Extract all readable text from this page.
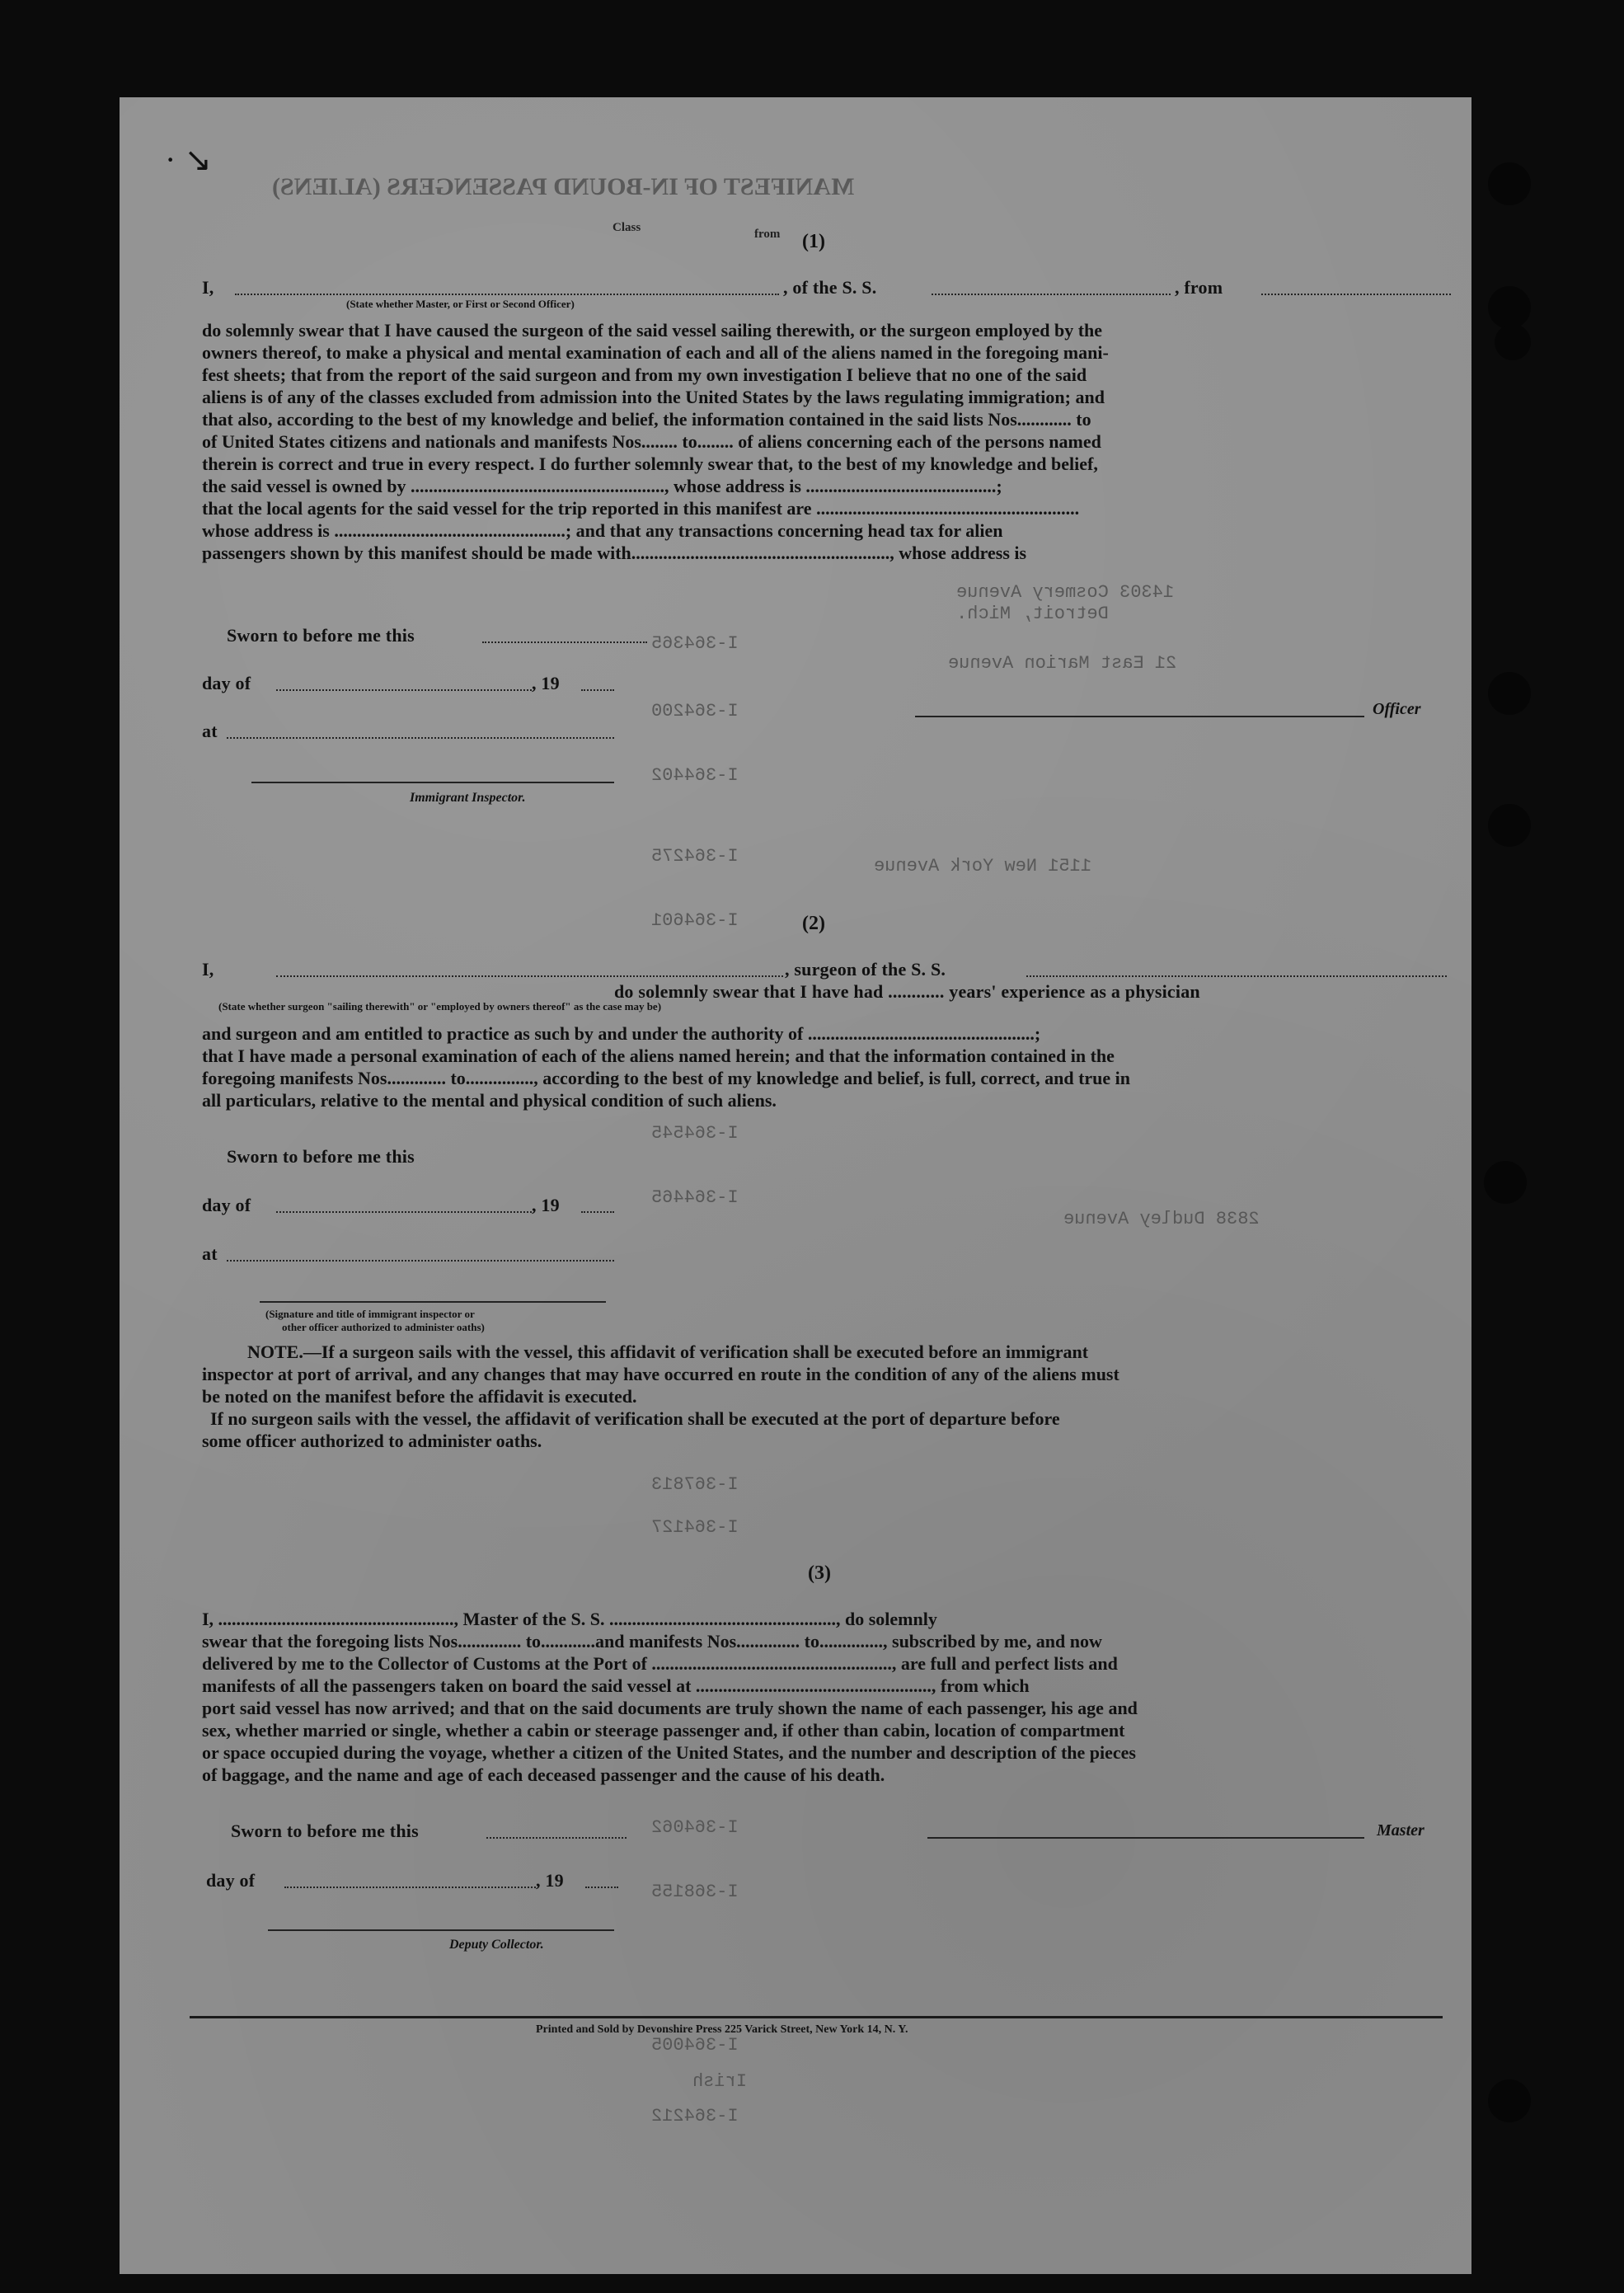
MANIFEST OF IN-BOUND PASSENGERS (ALIENS)
Class	from
· ↘
(1)
I,	, of the S. S.	, from
(State whether Master, or First or Second Officer)

do solemnly swear that I have caused the surgeon of the said vessel sailing therewith, or the surgeon employed by the

owners thereof, to make a physical and mental examination of each and all of the aliens named in the foregoing mani-

fest sheets; that from the report of the said surgeon and from my own investigation I believe that no one of the said

aliens is of any of the classes excluded from admission into the United States by the laws regulating immigration; and

that also, according to the best of my knowledge and belief, the information contained in the said lists Nos............ to

of United States citizens and nationals and manifests Nos........ to........ of aliens concerning each of the persons named

therein is correct and true in every respect. I do further solemnly swear that, to the best of my knowledge and belief,

the said vessel is owned by ........................................................, whose address is ..........................................;

that the local agents for the said vessel for the trip reported in this manifest are ..........................................................

whose address is ...................................................; and that any transactions concerning head tax for alien

passengers shown by this manifest should be made with........................................................., whose address is

Sworn to before me this
day of	, 19
at
Officer
Immigrant Inspector.
(2)
I,	, surgeon of the S. S.
do solemnly swear that I have had ............ years' experience as a physician
(State whether surgeon "sailing therewith" or "employed by owners thereof" as the case may be)

and surgeon and am entitled to practice as such by and under the authority of ..................................................;

that I have made a personal examination of each of the aliens named herein; and that the information contained in the

foregoing manifests Nos............. to..............., according to the best of my knowledge and belief, is full, correct, and true in

all particulars, relative to the mental and physical condition of such aliens.

Sworn to before me this
day of	, 19
at
(Signature and title of immigrant inspector or
other officer authorized to administer oaths)

NOTE.—If a surgeon sails with the vessel, this affidavit of verification shall be executed before an immigrant

inspector at port of arrival, and any changes that may have occurred en route in the condition of any of the aliens must

be noted on the manifest before the affidavit is executed.

If no surgeon sails with the vessel, the affidavit of verification shall be executed at the port of departure before

some officer authorized to administer oaths.

(3)

I, ...................................................., Master of the S. S. .................................................., do solemnly

swear that the foregoing lists Nos.............. to............and manifests Nos.............. to.............., subscribed by me, and now

delivered by me to the Collector of Customs at the Port of ....................................................., are full and perfect lists and

manifests of all the passengers taken on board the said vessel at ...................................................., from which

port said vessel has now arrived; and that on the said documents are truly shown the name of each passenger, his age and

sex, whether married or single, whether a cabin or steerage passenger and, if other than cabin, location of compartment

or space occupied during the voyage, whether a citizen of the United States, and the number and description of the pieces

of baggage, and the name and age of each deceased passenger and the cause of his death.

Sworn to before me this	Master
day of	, 19
Deputy Collector.
Printed and Sold by Devonshire Press 225 Varick Street, New York 14, N. Y.
14303 Cosmery Avenue
Detroit, Mich.
I-364365
21 East Marion Avenue
I-364200
I-364402
I-364275	1151 New York Avenue
I-364601
I-364545
I-364465
2838 Dudley Avenue
I-364127
I-367813
I-364062
I-368155
I-364005
I-364212
Irish
